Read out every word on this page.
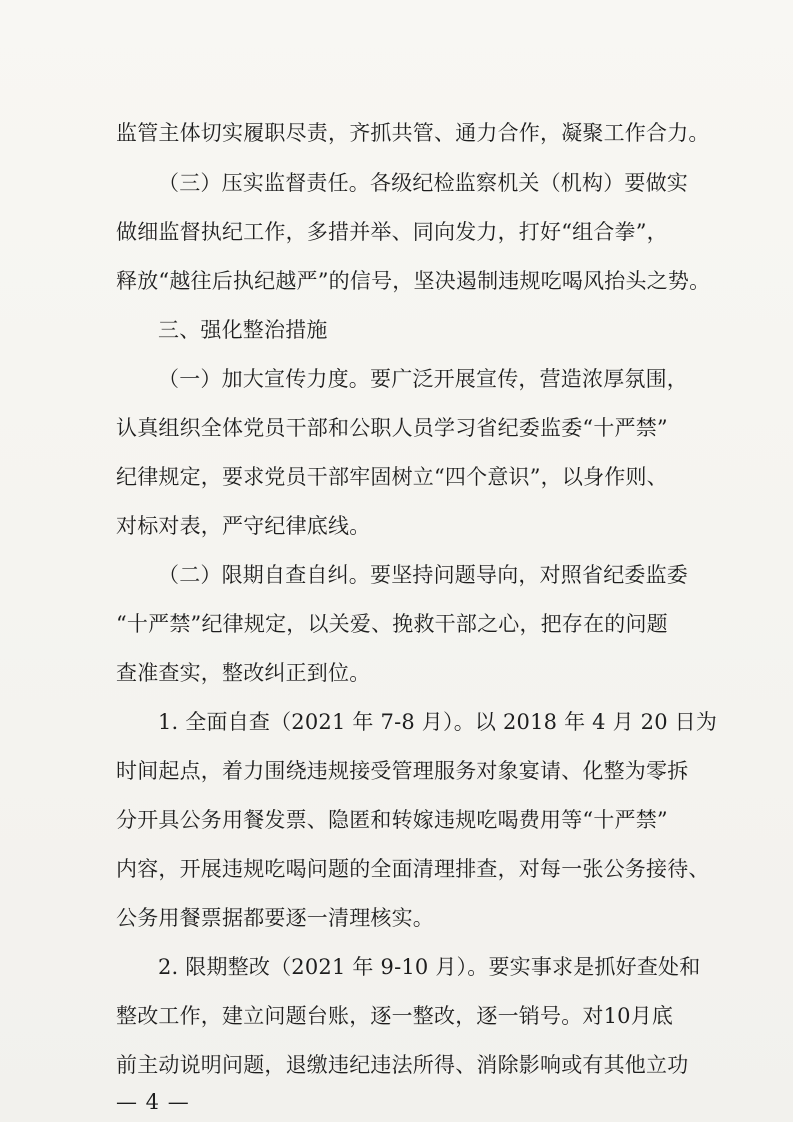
监管主体切实履职尽责，齐抓共管、通力合作，凝聚工作合力。
（三）压实监督责任。各级纪检监察机关（机构）要做实
做细监督执纪工作，多措并举、同向发力，打好“组合拳”，
释放“越往后执纪越严”的信号，坚决遏制违规吃喝风抬头之势。
三、强化整治措施
（一）加大宣传力度。要广泛开展宣传，营造浓厚氛围，
认真组织全体党员干部和公职人员学习省纪委监委“十严禁”
纪律规定，要求党员干部牢固树立“四个意识”，以身作则、
对标对表，严守纪律底线。
（二）限期自查自纠。要坚持问题导向，对照省纪委监委
“十严禁”纪律规定，以关爱、挽救干部之心，把存在的问题
查准查实，整改纠正到位。
1. 全面自查（2021 年 7-8 月）。以 2018 年 4 月 20 日为
时间起点，着力围绕违规接受管理服务对象宴请、化整为零拆
分开具公务用餐发票、隐匿和转嫁违规吃喝费用等“十严禁”
内容，开展违规吃喝问题的全面清理排查，对每一张公务接待、
公务用餐票据都要逐一清理核实。
2. 限期整改（2021 年 9-10 月）。要实事求是抓好查处和
整改工作，建立问题台账，逐一整改，逐一销号。对10月底
前主动说明问题，退缴违纪违法所得、消除影响或有其他立功
— 4 —
